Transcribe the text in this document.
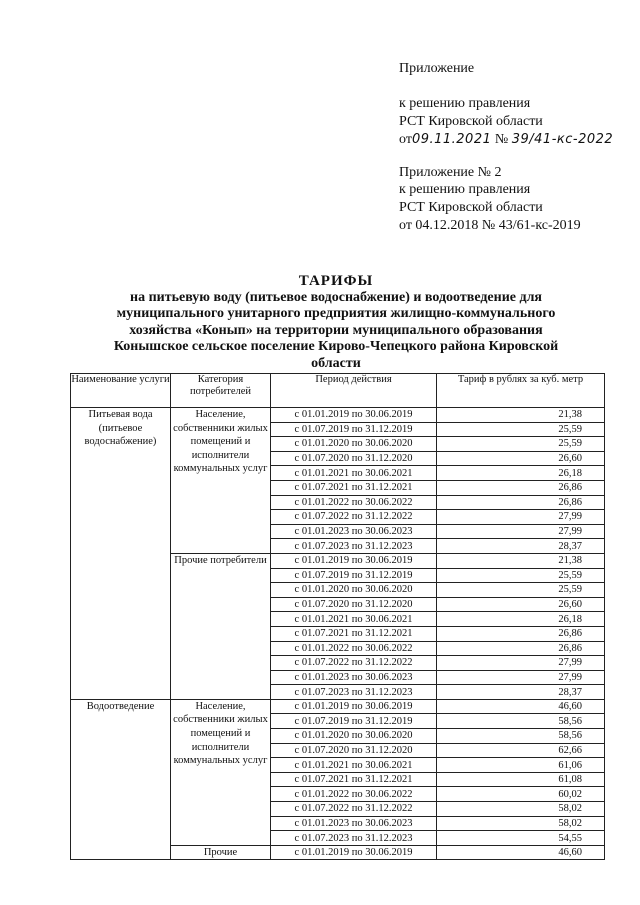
Приложение
к решению правления
РСТ Кировской области
от09.11.2021 № 39/41-кс-2022
Приложение № 2
к решению правления
РСТ Кировской области
от 04.12.2018 № 43/61-кс-2019
ТАРИФЫ
на питьевую воду (питьевое водоснабжение) и водоотведение для
муниципального унитарного предприятия жилищно-коммунального
хозяйства «Конып» на территории муниципального образования
Конышское сельское поселение Кирово-Чепецкого района Кировской
области
Наименование услуги	Категория потребителей	Период действия	Тариф в рублях за куб. метр
Питьевая вода (питьевое водоснабжение)	Население, собственники жилых помещений и исполнители коммунальных услуг	с 01.01.2019 по 30.06.2019	21,38
		с 01.07.2019 по 31.12.2019	25,59
		с 01.01.2020 по 30.06.2020	25,59
		с 01.07.2020 по 31.12.2020	26,60
		с 01.01.2021 по 30.06.2021	26,18
		с 01.07.2021 по 31.12.2021	26,86
		с 01.01.2022 по 30.06.2022	26,86
		с 01.07.2022 по 31.12.2022	27,99
		с 01.01.2023 по 30.06.2023	27,99
		с 01.07.2023 по 31.12.2023	28,37
	Прочие потребители	с 01.01.2019 по 30.06.2019	21,38
		с 01.07.2019 по 31.12.2019	25,59
		с 01.01.2020 по 30.06.2020	25,59
		с 01.07.2020 по 31.12.2020	26,60
		с 01.01.2021 по 30.06.2021	26,18
		с 01.07.2021 по 31.12.2021	26,86
		с 01.01.2022 по 30.06.2022	26,86
		с 01.07.2022 по 31.12.2022	27,99
		с 01.01.2023 по 30.06.2023	27,99
		с 01.07.2023 по 31.12.2023	28,37
Водоотведение	Население, собственники жилых помещений и исполнители коммунальных услуг	с 01.01.2019 по 30.06.2019	46,60
		с 01.07.2019 по 31.12.2019	58,56
		с 01.01.2020 по 30.06.2020	58,56
		с 01.07.2020 по 31.12.2020	62,66
		с 01.01.2021 по 30.06.2021	61,06
		с 01.07.2021 по 31.12.2021	61,08
		с 01.01.2022 по 30.06.2022	60,02
		с 01.07.2022 по 31.12.2022	58,02
		с 01.01.2023 по 30.06.2023	58,02
		с 01.07.2023 по 31.12.2023	54,55
	Прочие	с 01.01.2019 по 30.06.2019	46,60
